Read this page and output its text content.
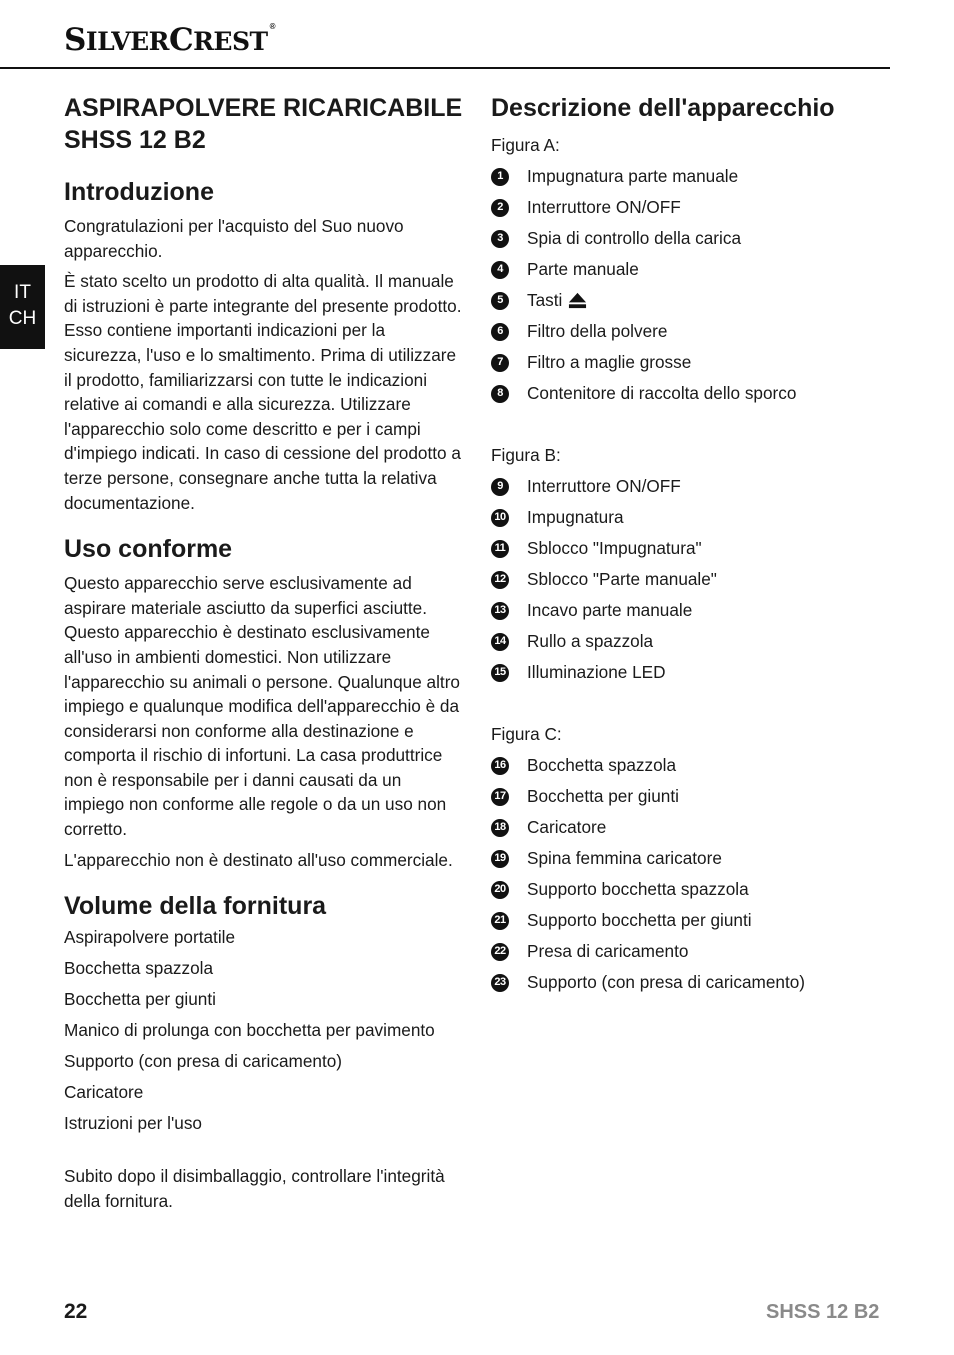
SILVERCREST®
IT
CH
ASPIRAPOLVERE RICARICABILE
SHSS 12 B2
Introduzione

Congratulazioni per l'acquisto del Suo nuovo apparecchio.

È stato scelto un prodotto di alta qualità. Il manuale di istruzioni è parte integrante del presente prodotto. Esso contiene importanti indicazioni per la sicurezza, l'uso e lo smaltimento. Prima di utilizzare il prodotto, familiarizzarsi con tutte le indicazioni relative ai comandi e alla sicurezza. Utilizzare l'apparecchio solo come descritto e per i campi d'impiego indicati. In caso di cessione del prodotto a terze persone, consegnare anche tutta la relativa documentazione.

Uso conforme

Questo apparecchio serve esclusivamente ad aspirare materiale asciutto da superfici asciutte. Questo apparecchio è destinato esclusivamente all'uso in ambienti domestici. Non utilizzare l'apparecchio su animali o persone. Qualunque altro impiego e qualunque modifica dell'apparecchio è da considerarsi non conforme alla destinazione e comporta il rischio di infortuni. La casa produttrice non è responsabile per i danni causati da un impiego non conforme alle regole o da un uso non corretto.

L'apparecchio non è destinato all'uso commerciale.

Volume della fornitura
Aspirapolvere portatile
Bocchetta spazzola
Bocchetta per giunti
Manico di prolunga con bocchetta per pavimento
Supporto (con presa di caricamento)
Caricatore
Istruzioni per l'uso

Subito dopo il disimballaggio, controllare l'integrità della fornitura.

Descrizione dell'apparecchio
Figura A:
1	Impugnatura parte manuale
2	Interruttore ON/OFF
3	Spia di controllo della carica
4	Parte manuale
5	Tasti
6	Filtro della polvere
7	Filtro a maglie grosse
8	Contenitore di raccolta dello sporco
Figura B:
9	Interruttore ON/OFF
10 Impugnatura
11 Sblocco "Impugnatura"
12 Sblocco "Parte manuale"
13 Incavo parte manuale
14 Rullo a spazzola
15 Illuminazione LED
Figura C:
16 Bocchetta spazzola
17 Bocchetta per giunti
18 Caricatore
19 Spina femmina caricatore
20 Supporto bocchetta spazzola
21 Supporto bocchetta per giunti
22 Presa di caricamento
23 Supporto (con presa di caricamento)
22	SHSS 12 B2
